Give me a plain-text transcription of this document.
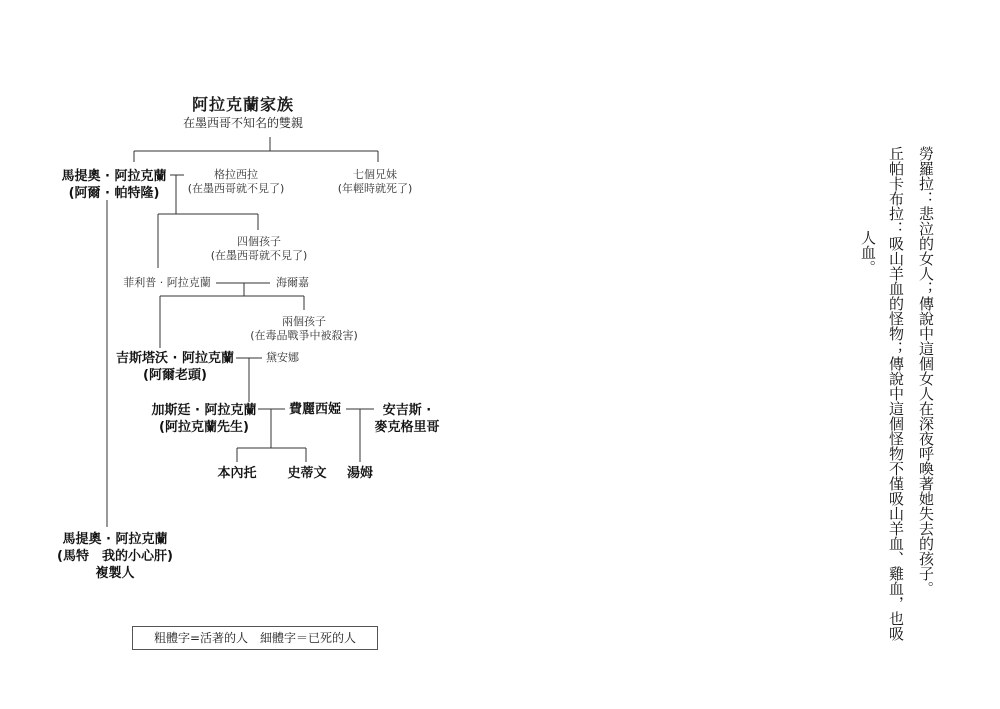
阿拉克蘭家族
在墨西哥不知名的雙親
馬提奧 · 阿拉克蘭
(阿爾 · 帕特隆)
格拉西拉
(在墨西哥就不見了)
七個兄妹
(年輕時就死了)
四個孩子
(在墨西哥就不見了)
菲利普 · 阿拉克蘭	海爾嘉
兩個孩子
(在毒品戰爭中被殺害)
吉斯塔沃 · 阿拉克蘭
(阿爾老頭)
黛安娜
加斯廷 · 阿拉克蘭
(阿拉克蘭先生)
費麗西婭	安吉斯 ·
麥克格里哥
本內托 史蒂文 湯姆
馬提奧 · 阿拉克蘭
(馬特　我的小心肝)
複製人
粗體字=活著的人　細體字＝已死的人
勞羅拉：悲泣的女人；傳說中這個女人在深夜呼喚著她失去的孩子。
丘帕卡布拉：吸山羊血的怪物；傳說中這個怪物不僅吸山羊血、雞血，也吸
人血。
